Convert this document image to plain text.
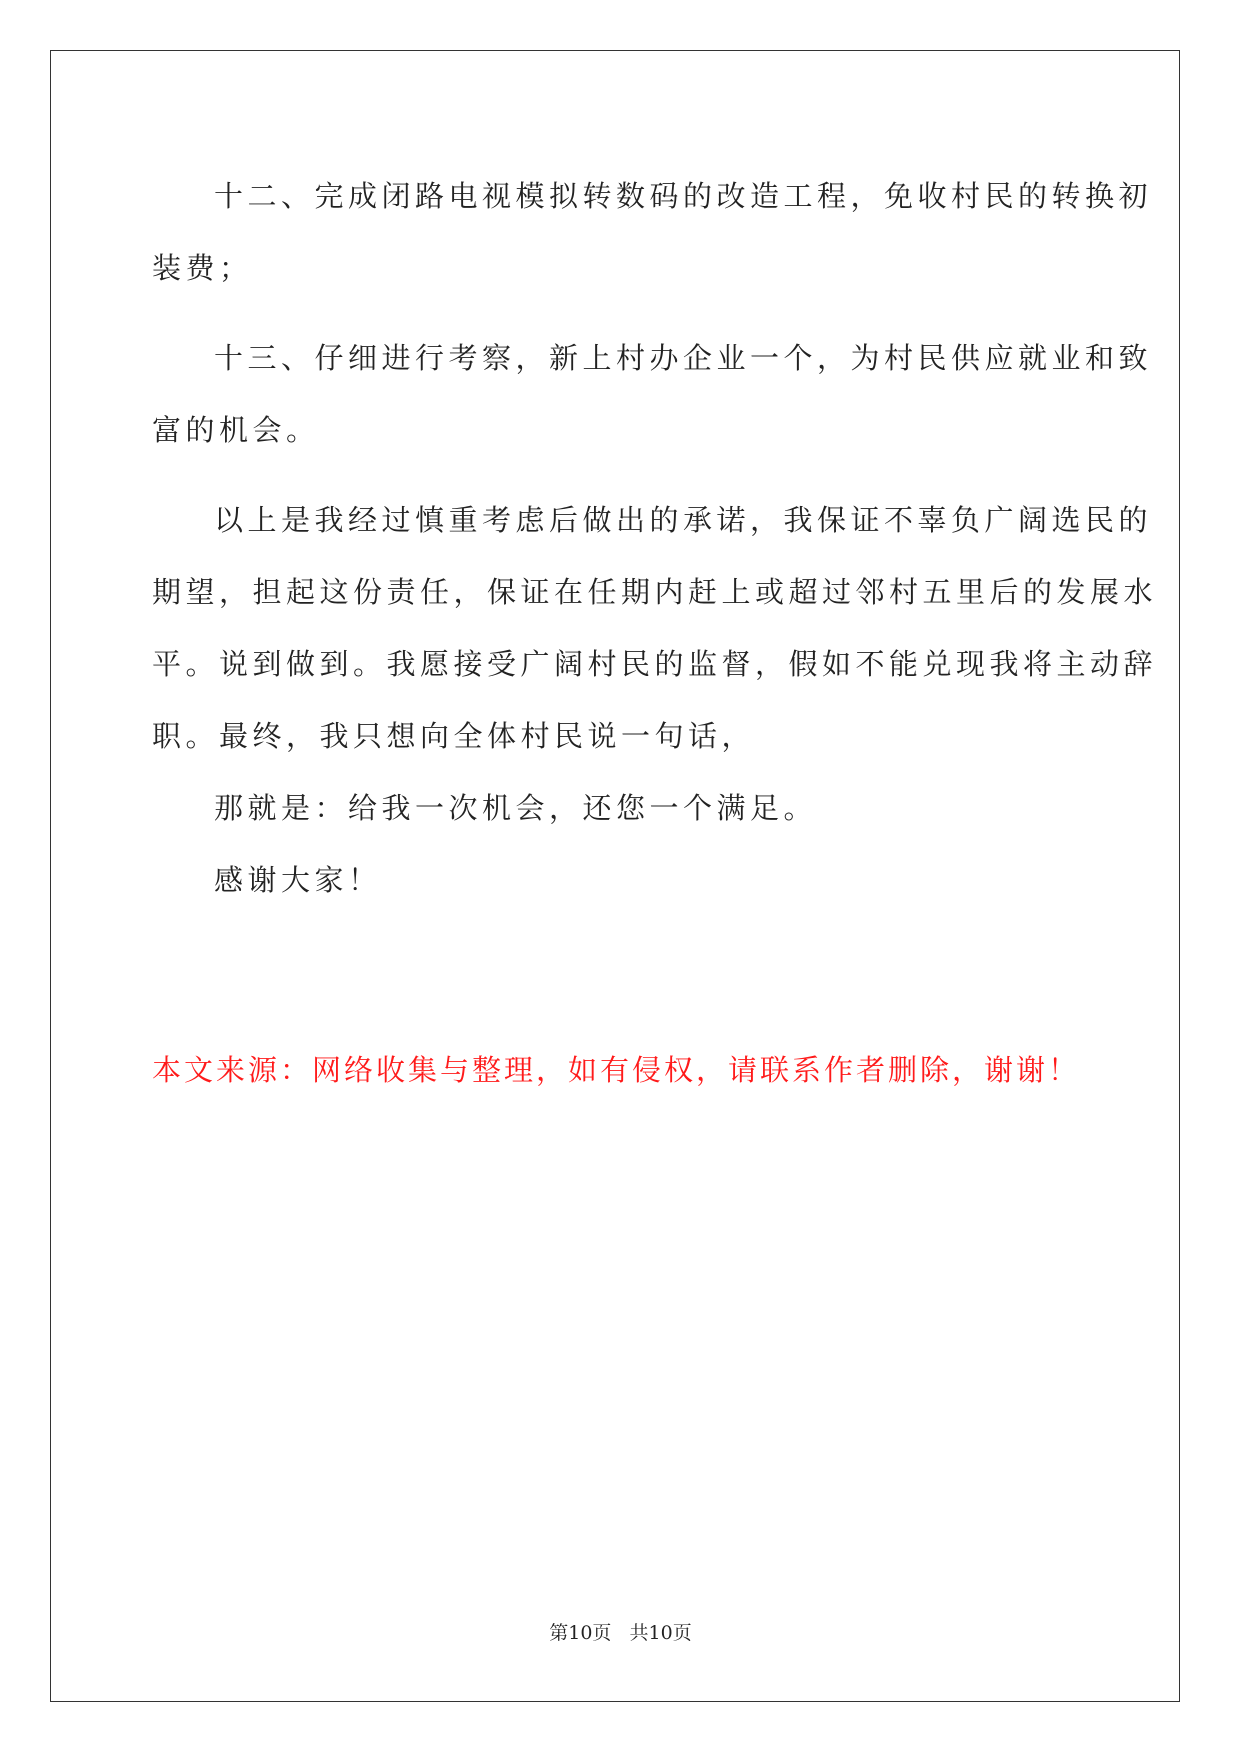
十二、完成闭路电视模拟转数码的改造工程，免收村民的转换初
装费；
十三、仔细进行考察，新上村办企业一个，为村民供应就业和致
富的机会。
以上是我经过慎重考虑后做出的承诺，我保证不辜负广阔选民的
期望，担起这份责任，保证在任期内赶上或超过邻村五里后的发展水
平。说到做到。我愿接受广阔村民的监督，假如不能兑现我将主动辞
职。最终，我只想向全体村民说一句话，
那就是：给我一次机会，还您一个满足。
感谢大家！
本文来源：网络收集与整理，如有侵权，请联系作者删除，谢谢！
第10页   共10页
